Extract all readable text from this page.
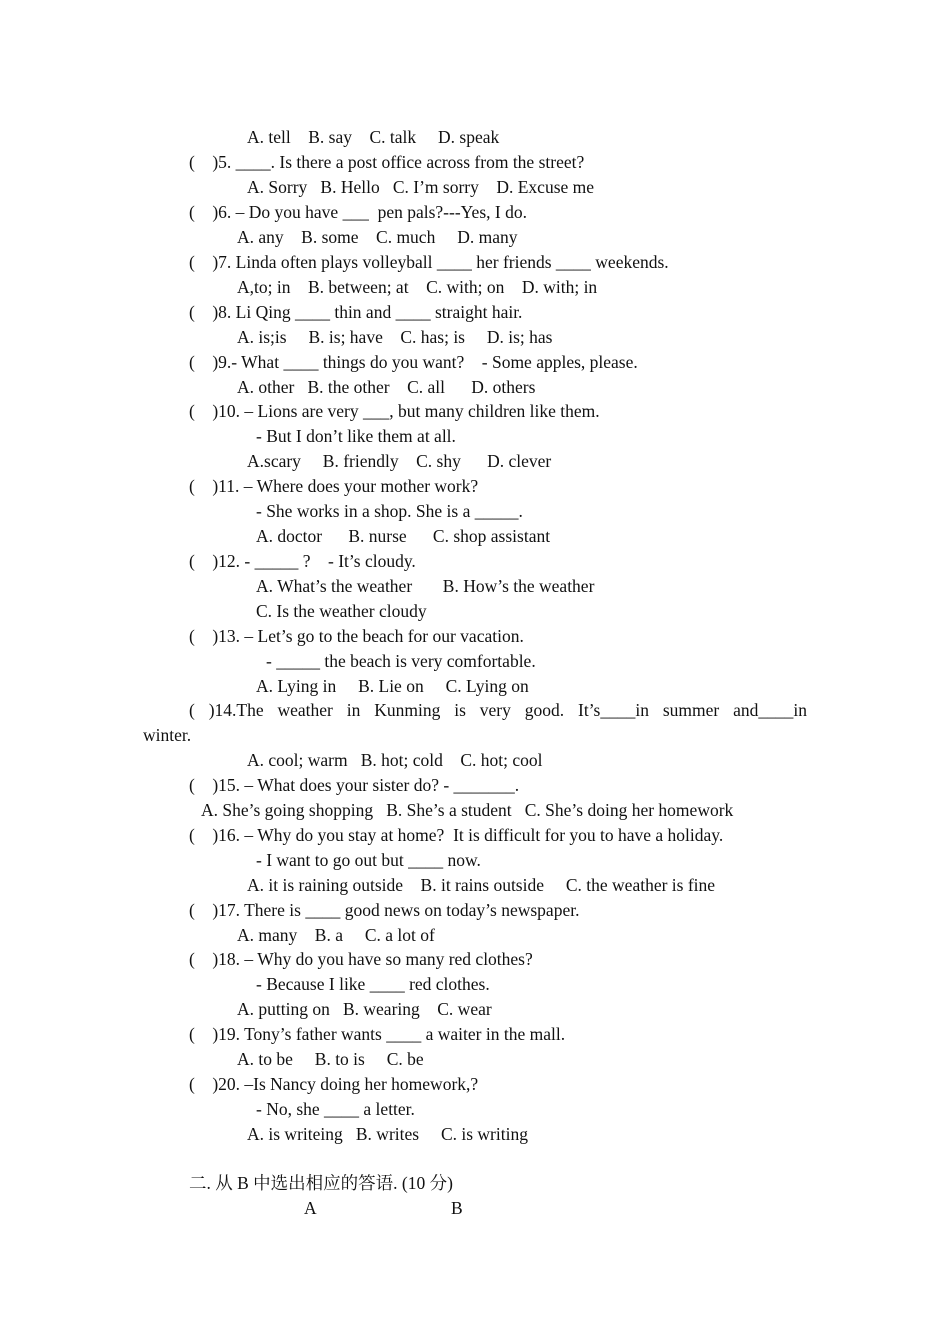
A. tell    B. say    C. talk     D. speak
(    )5. ____. Is there a post office across from the street?
A. Sorry   B. Hello   C. I’m sorry    D. Excuse me
(    )6. – Do you have ___  pen pals?---Yes, I do.
A. any    B. some    C. much     D. many
(    )7. Linda often plays volleyball ____ her friends ____ weekends.
A,to; in    B. between; at    C. with; on    D. with; in
(    )8. Li Qing ____ thin and ____ straight hair.
A. is;is     B. is; have    C. has; is     D. is; has
(    )9.- What ____ things do you want?    - Some apples, please.
A. other   B. the other    C. all      D. others
(    )10. – Lions are very ___, but many children like them.
- But I don’t like them at all.
A.scary     B. friendly    C. shy      D. clever
(    )11. – Where does your mother work?
- She works in a shop. She is a _____.
A. doctor      B. nurse      C. shop assistant
(    )12. - _____ ?    - It’s cloudy.
A. What’s the weather       B. How’s the weather
C. Is the weather cloudy
(    )13. – Let’s go to the beach for our vacation.
- _____ the beach is very comfortable.
A. Lying in     B. Lie on     C. Lying on
( )14.The weather in Kunming is very good. It’s____in summer and____in
winter.
A. cool; warm   B. hot; cold    C. hot; cool
(    )15. – What does your sister do? - _______.
A. She’s going shopping   B. She’s a student   C. She’s doing her homework
(    )16. – Why do you stay at home?  It is difficult for you to have a holiday.
- I want to go out but ____ now.
A. it is raining outside    B. it rains outside     C. the weather is fine
(    )17. There is ____ good news on today’s newspaper.
A. many    B. a     C. a lot of
(    )18. – Why do you have so many red clothes?
- Because I like ____ red clothes.
A. putting on   B. wearing    C. wear
(    )19. Tony’s father wants ____ a waiter in the mall.
A. to be     B. to is     C. be
(    )20. –Is Nancy doing her homework,?
- No, she ____ a letter.
A. is writeing   B. writes     C. is writing
二. 从 B 中选出相应的答语. (10 分)
A	B
